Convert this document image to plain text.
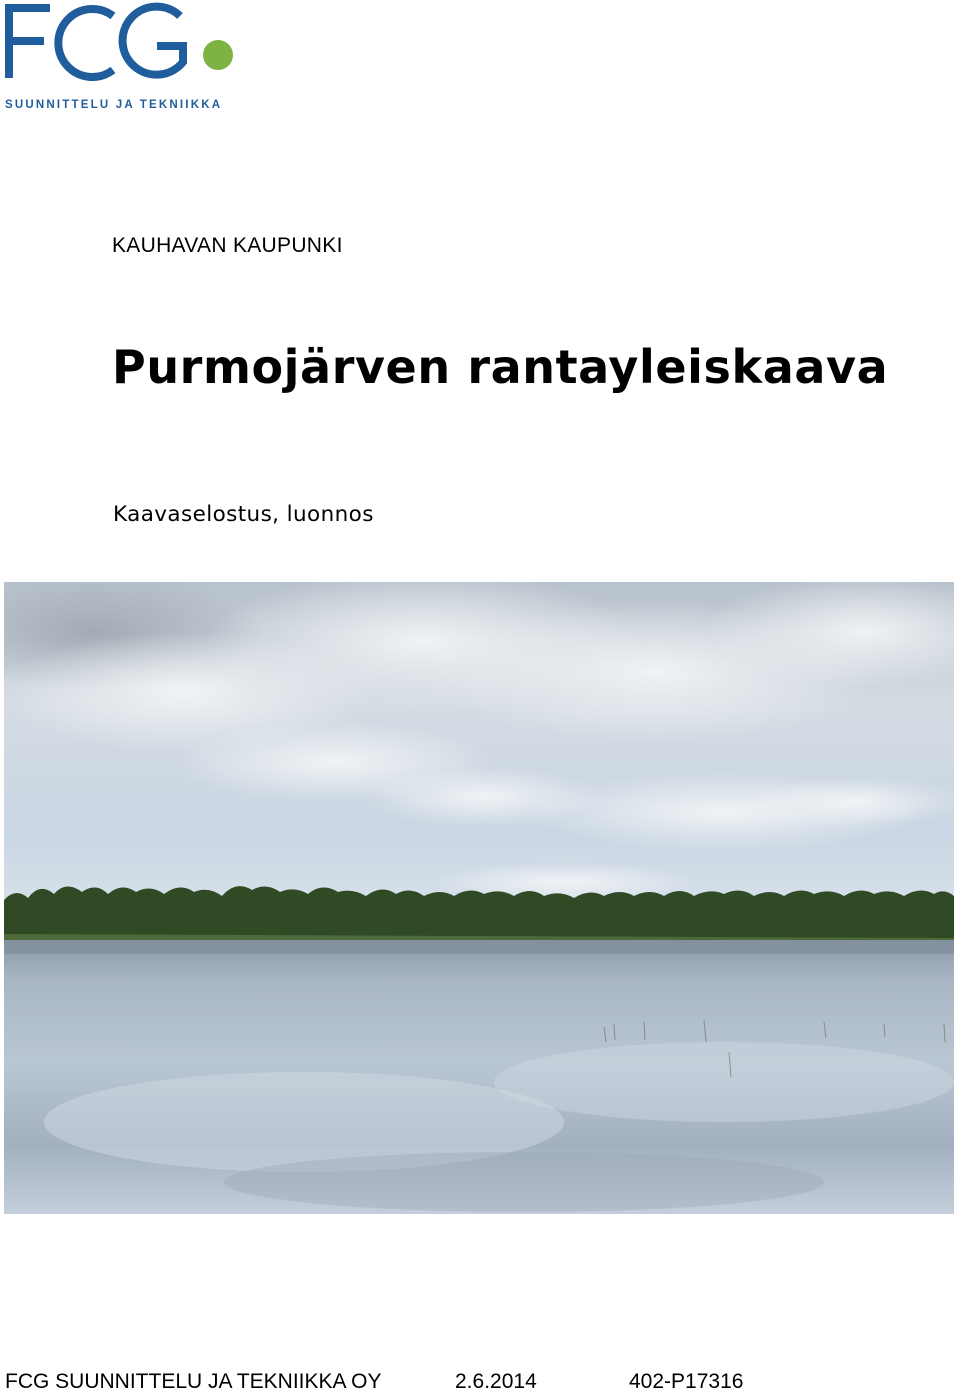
SUUNNITTELU JA TEKNIIKKA
KAUHAVAN KAUPUNKI
Purmojärven rantayleiskaava
Kaavaselostus, luonnos
FCG SUUNNITTELU JA TEKNIIKKA OY	2.6.2014	402-P17316
